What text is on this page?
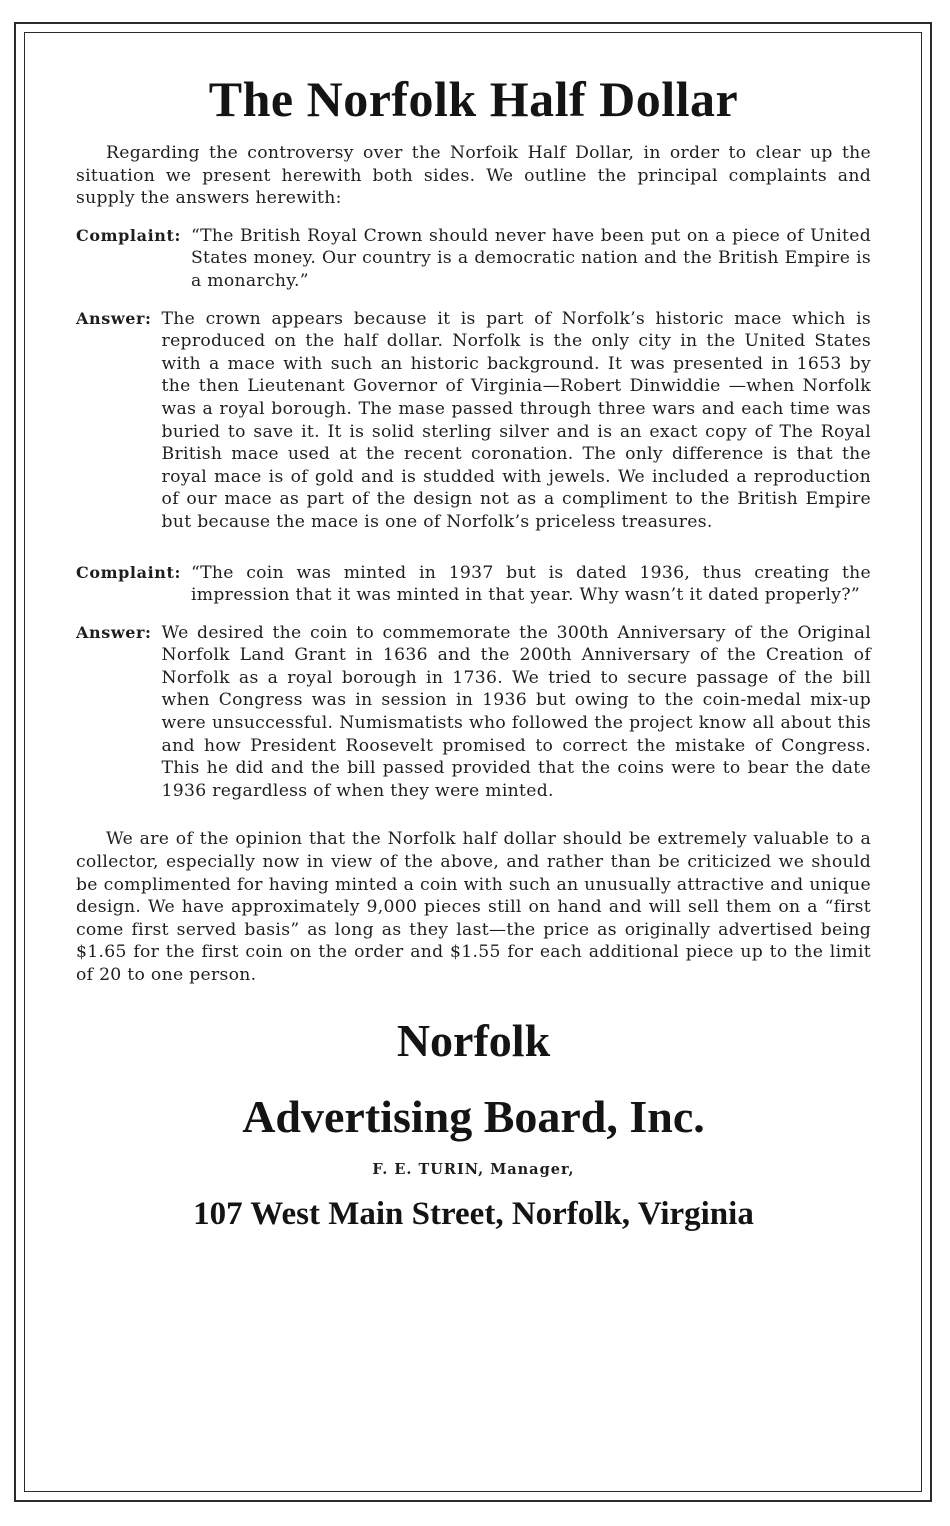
The Norfolk Half Dollar

Regarding the controversy over the Norfoik Half Dollar, in order to clear up the situation we present herewith both sides. We outline the principal complaints and supply the answers herewith:

Complaint: “The British Royal Crown should never have been put on a piece of United States money. Our country is a democratic nation and the British Empire is a monarchy.”

Answer: The crown appears because it is part of Norfolk’s historic mace which is reproduced on the half dollar. Norfolk is the only city in the United States with a mace with such an historic background. It was presented in 1653 by the then Lieutenant Governor of Virginia—Robert Dinwiddie —when Norfolk was a royal borough. The mase passed through three wars and each time was buried to save it. It is solid sterling silver and is an exact copy of The Royal British mace used at the recent coronation. The only difference is that the royal mace is of gold and is studded with jewels. We included a reproduction of our mace as part of the design not as a compliment to the British Empire but because the mace is one of Norfolk’s priceless treasures.

Complaint: “The coin was minted in 1937 but is dated 1936, thus creating the impression that it was minted in that year. Why wasn’t it dated properly?”

Answer: We desired the coin to commemorate the 300th Anniversary of the Original Norfolk Land Grant in 1636 and the 200th Anniversary of the Creation of Norfolk as a royal borough in 1736. We tried to secure passage of the bill when Congress was in session in 1936 but owing to the coin-medal mix-up were unsuccessful. Numismatists who followed the project know all about this and how President Roosevelt promised to correct the mistake of Congress. This he did and the bill passed provided that the coins were to bear the date 1936 regardless of when they were minted.

We are of the opinion that the Norfolk half dollar should be extremely valuable to a collector, especially now in view of the above, and rather than be criticized we should be complimented for having minted a coin with such an unusually attractive and unique design. We have approximately 9,000 pieces still on hand and will sell them on a “first come first served basis” as long as they last—the price as originally advertised being $1.65 for the first coin on the order and $1.55 for each additional piece up to the limit of 20 to one person.

Norfolk
Advertising Board, Inc.
F. E. TURIN, Manager,
107 West Main Street, Norfolk, Virginia
